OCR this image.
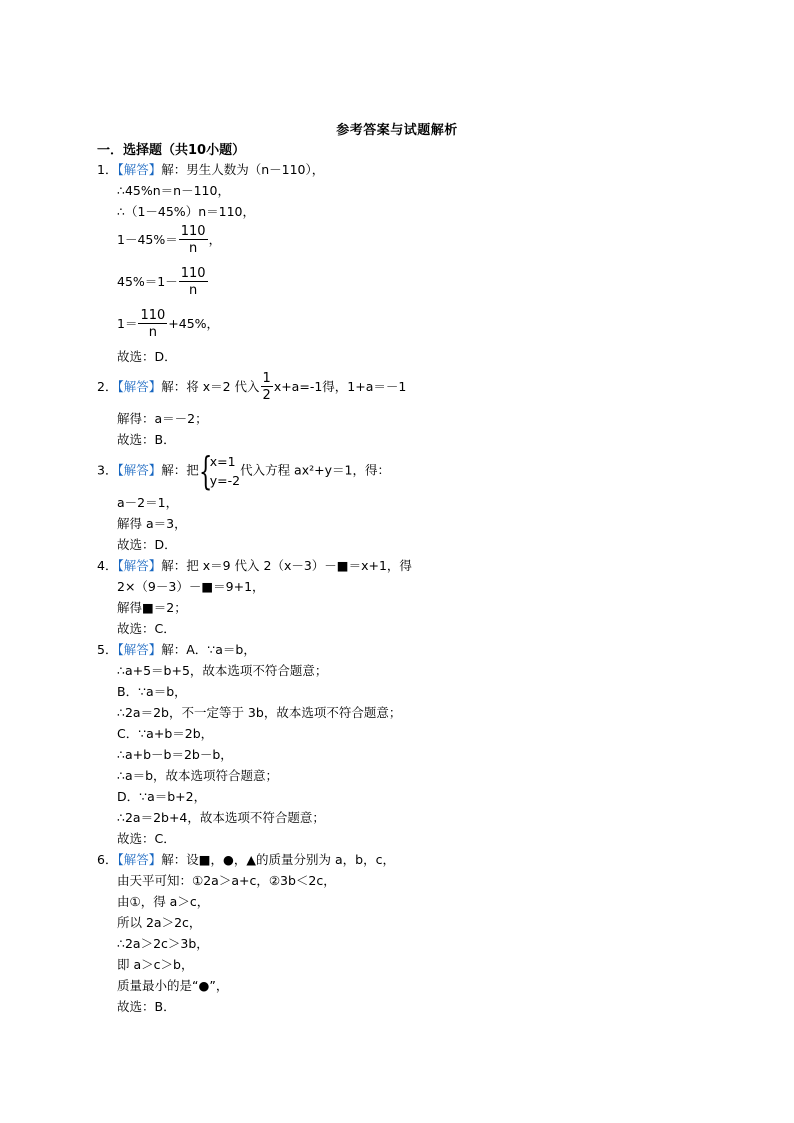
参考答案与试题解析
一．选择题（共10小题）
1．【解答】解：男生人数为（n－110），
∴45%n＝n－110，
∴（1－45%）n＝110，
$1-45\%= \frac{110}{n}$ ，
$45\%=1- \frac{110}{n}$
$1= \frac{110}{n} +45\%$，
故选：D．
2．【解答】解：将 x＝2 代入 $\frac{1}{2} x+a=-1$得，1+a＝－1
解得：a＝－2；
故选：B．
3．【解答】解：把 {
x=1
y=-2
代入方程 ax²+y＝1，得：
a－2＝1，
解得 a＝3，
故选：D．
4．【解答】解：把 x＝9 代入 2（x－3）－■＝x+1，得
2×（9－3）－■＝9+1，
解得■＝2；
故选：C．
5．【解答】解：A．∵a＝b，
∴a+5＝b+5，故本选项不符合题意；
B．∵a＝b，
∴2a＝2b，不一定等于 3b，故本选项不符合题意；
C．∵a+b＝2b，
∴a+b－b＝2b－b，
∴a＝b，故本选项符合题意；
D．∵a＝b+2，
∴2a＝2b+4，故本选项不符合题意；
故选：C．
6．【解答】解：设■，●，▲的质量分别为 a，b，c，
由天平可知：①2a＞a+c，②3b＜2c，
由①，得 a＞c，
所以 2a＞2c，
∴2a＞2c＞3b，
即 a＞c＞b，
质量最小的是“●”，
故选：B．
